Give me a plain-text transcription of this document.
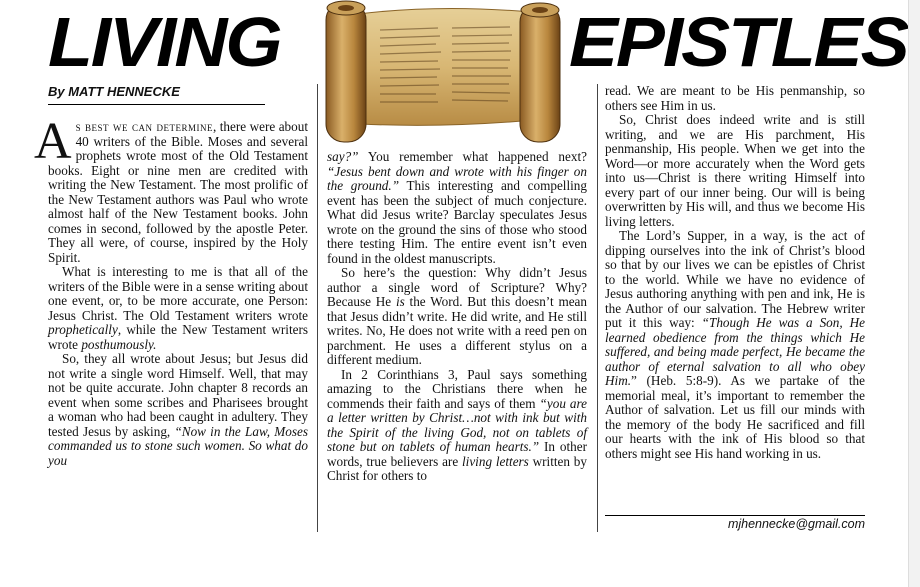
LIVING	EPISTLES
By MATT HENNECKE

As best we can determine, there were about 40 writers of the Bible. Moses and several prophets wrote most of the Old Testament books. Eight or nine men are credited with writing the New Testament. The most prolific of the New Testament authors was Paul who wrote almost half of the New Testament books. John comes in second, followed by the apostle Peter. They all were, of course, inspired by the Holy Spirit.

What is interesting to me is that all of the writers of the Bible were in a sense writing about one event, or, to be more accurate, one Person: Jesus Christ. The Old Testament writers wrote prophetically, while the New Testament writers wrote posthumously.

So, they all wrote about Jesus; but Jesus did not write a single word Himself. Well, that may not be quite accurate. John chapter 8 records an event when some scribes and Pharisees brought a woman who had been caught in adultery. They tested Jesus by asking, “Now in the Law, Moses commanded us to stone such women. So what do you

say?” You remember what happened next? “Jesus bent down and wrote with his finger on the ground.” This interesting and compelling event has been the subject of much conjecture. What did Jesus write? Barclay speculates Jesus wrote on the ground the sins of those who stood there testing Him. The entire event isn’t even found in the oldest manuscripts.

So here’s the question: Why didn’t Jesus author a single word of Scripture? Why? Because He is the Word. But this doesn’t mean that Jesus didn’t write. He did write, and He still writes. No, He does not write with a reed pen on parchment. He uses a different stylus on a different medium.

In 2 Corinthians 3, Paul says something amazing to the Christians there when he commends their faith and says of them “you are a letter written by Christ…not with ink but with the Spirit of the living God, not on tablets of stone but on tablets of human hearts.” In other words, true believers are living letters written by Christ for others to

read. We are meant to be His penmanship, so others see Him in us.

So, Christ does indeed write and is still writing, and we are His parchment, His penmanship, His people. When we get into the Word—or more accurately when the Word gets into us—Christ is there writing Himself into every part of our inner being. Our will is being overwritten by His will, and thus we become His living letters.

The Lord’s Supper, in a way, is the act of dipping ourselves into the ink of Christ’s blood so that by our lives we can be epistles of Christ to the world. While we have no evidence of Jesus authoring anything with pen and ink, He is the Author of our salvation. The Hebrew writer put it this way: “Though He was a Son, He learned obedience from the things which He suffered, and being made perfect, He became the author of eternal salvation to all who obey Him.” (Heb. 5:8-9). As we partake of the memorial meal, it’s important to remember the Author of salvation. Let us fill our minds with the memory of the body He sacrificed and fill our hearts with the ink of His blood so that others might see His hand working in us.

mjhennecke@gmail.com
